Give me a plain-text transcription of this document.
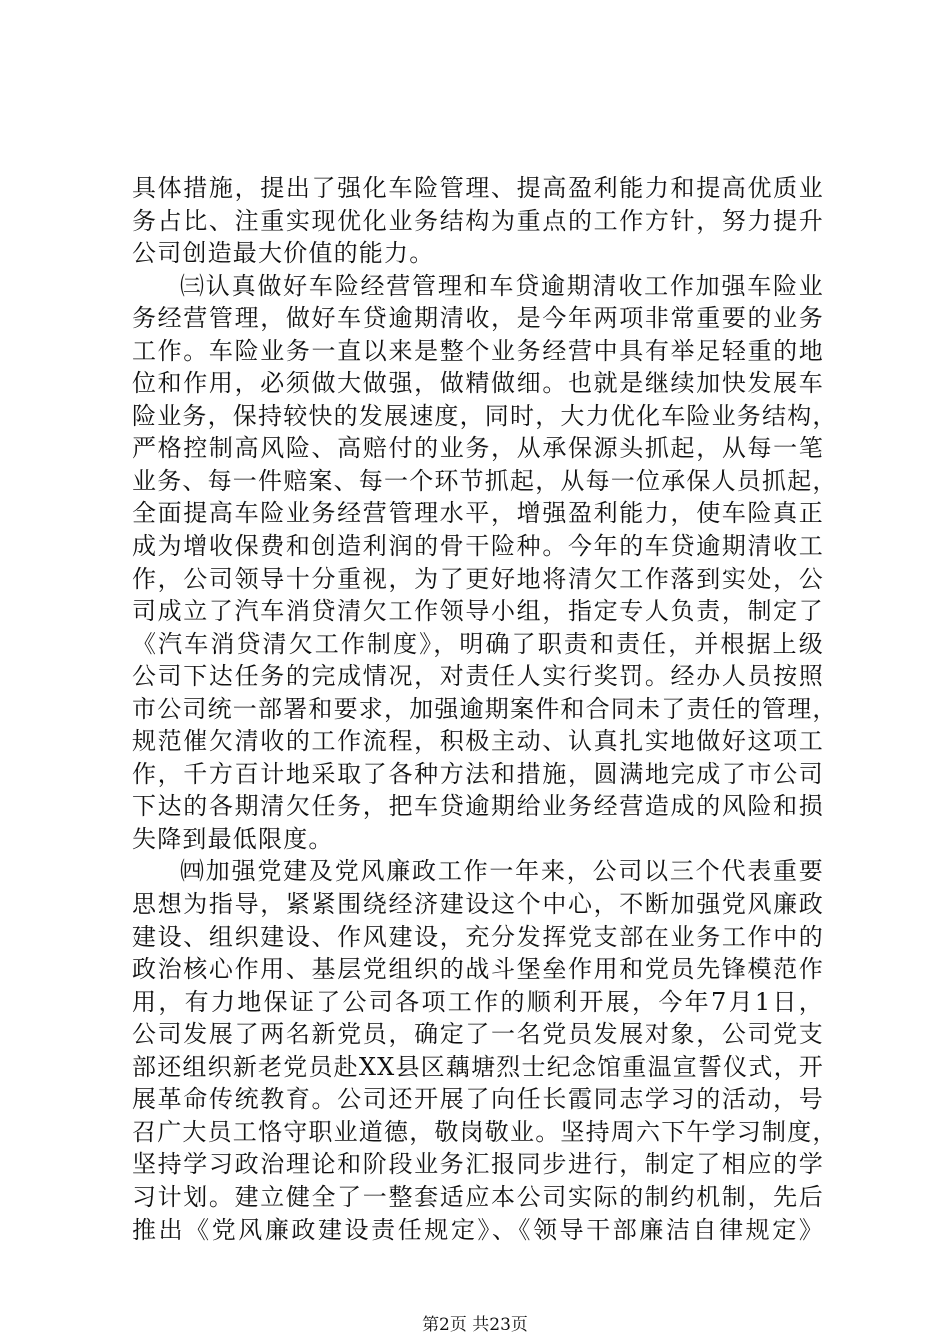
具体措施，提出了强化车险管理、提高盈利能力和提高优质业
务占比、注重实现优化业务结构为重点的工作方针，努力提升
公司创造最大价值的能力。
㈢认真做好车险经营管理和车贷逾期清收工作加强车险业
务经营管理，做好车贷逾期清收，是今年两项非常重要的业务
工作。车险业务一直以来是整个业务经营中具有举足轻重的地
位和作用，必须做大做强，做精做细。也就是继续加快发展车
险业务，保持较快的发展速度，同时，大力优化车险业务结构，
严格控制高风险、高赔付的业务，从承保源头抓起，从每一笔
业务、每一件赔案、每一个环节抓起，从每一位承保人员抓起，
全面提高车险业务经营管理水平，增强盈利能力，使车险真正
成为增收保费和创造利润的骨干险种。今年的车贷逾期清收工
作，公司领导十分重视，为了更好地将清欠工作落到实处，公
司成立了汽车消贷清欠工作领导小组，指定专人负责，制定了
《汽车消贷清欠工作制度》，明确了职责和责任，并根据上级
公司下达任务的完成情况，对责任人实行奖罚。经办人员按照
市公司统一部署和要求，加强逾期案件和合同未了责任的管理，
规范催欠清收的工作流程，积极主动、认真扎实地做好这项工
作，千方百计地采取了各种方法和措施，圆满地完成了市公司
下达的各期清欠任务，把车贷逾期给业务经营造成的风险和损
失降到最低限度。
㈣加强党建及党风廉政工作一年来，公司以三个代表重要
思想为指导，紧紧围绕经济建设这个中心，不断加强党风廉政
建设、组织建设、作风建设，充分发挥党支部在业务工作中的
政治核心作用、基层党组织的战斗堡垒作用和党员先锋模范作
用，有力地保证了公司各项工作的顺利开展，今年7月1日，
公司发展了两名新党员，确定了一名党员发展对象，公司党支
部还组织新老党员赴XX县区藕塘烈士纪念馆重温宣誓仪式，开
展革命传统教育。公司还开展了向任长霞同志学习的活动，号
召广大员工恪守职业道德，敬岗敬业。坚持周六下午学习制度，
坚持学习政治理论和阶段业务汇报同步进行，制定了相应的学
习计划。建立健全了一整套适应本公司实际的制约机制，先后
推出《党风廉政建设责任规定》、《领导干部廉洁自律规定》
第2页 共23页
